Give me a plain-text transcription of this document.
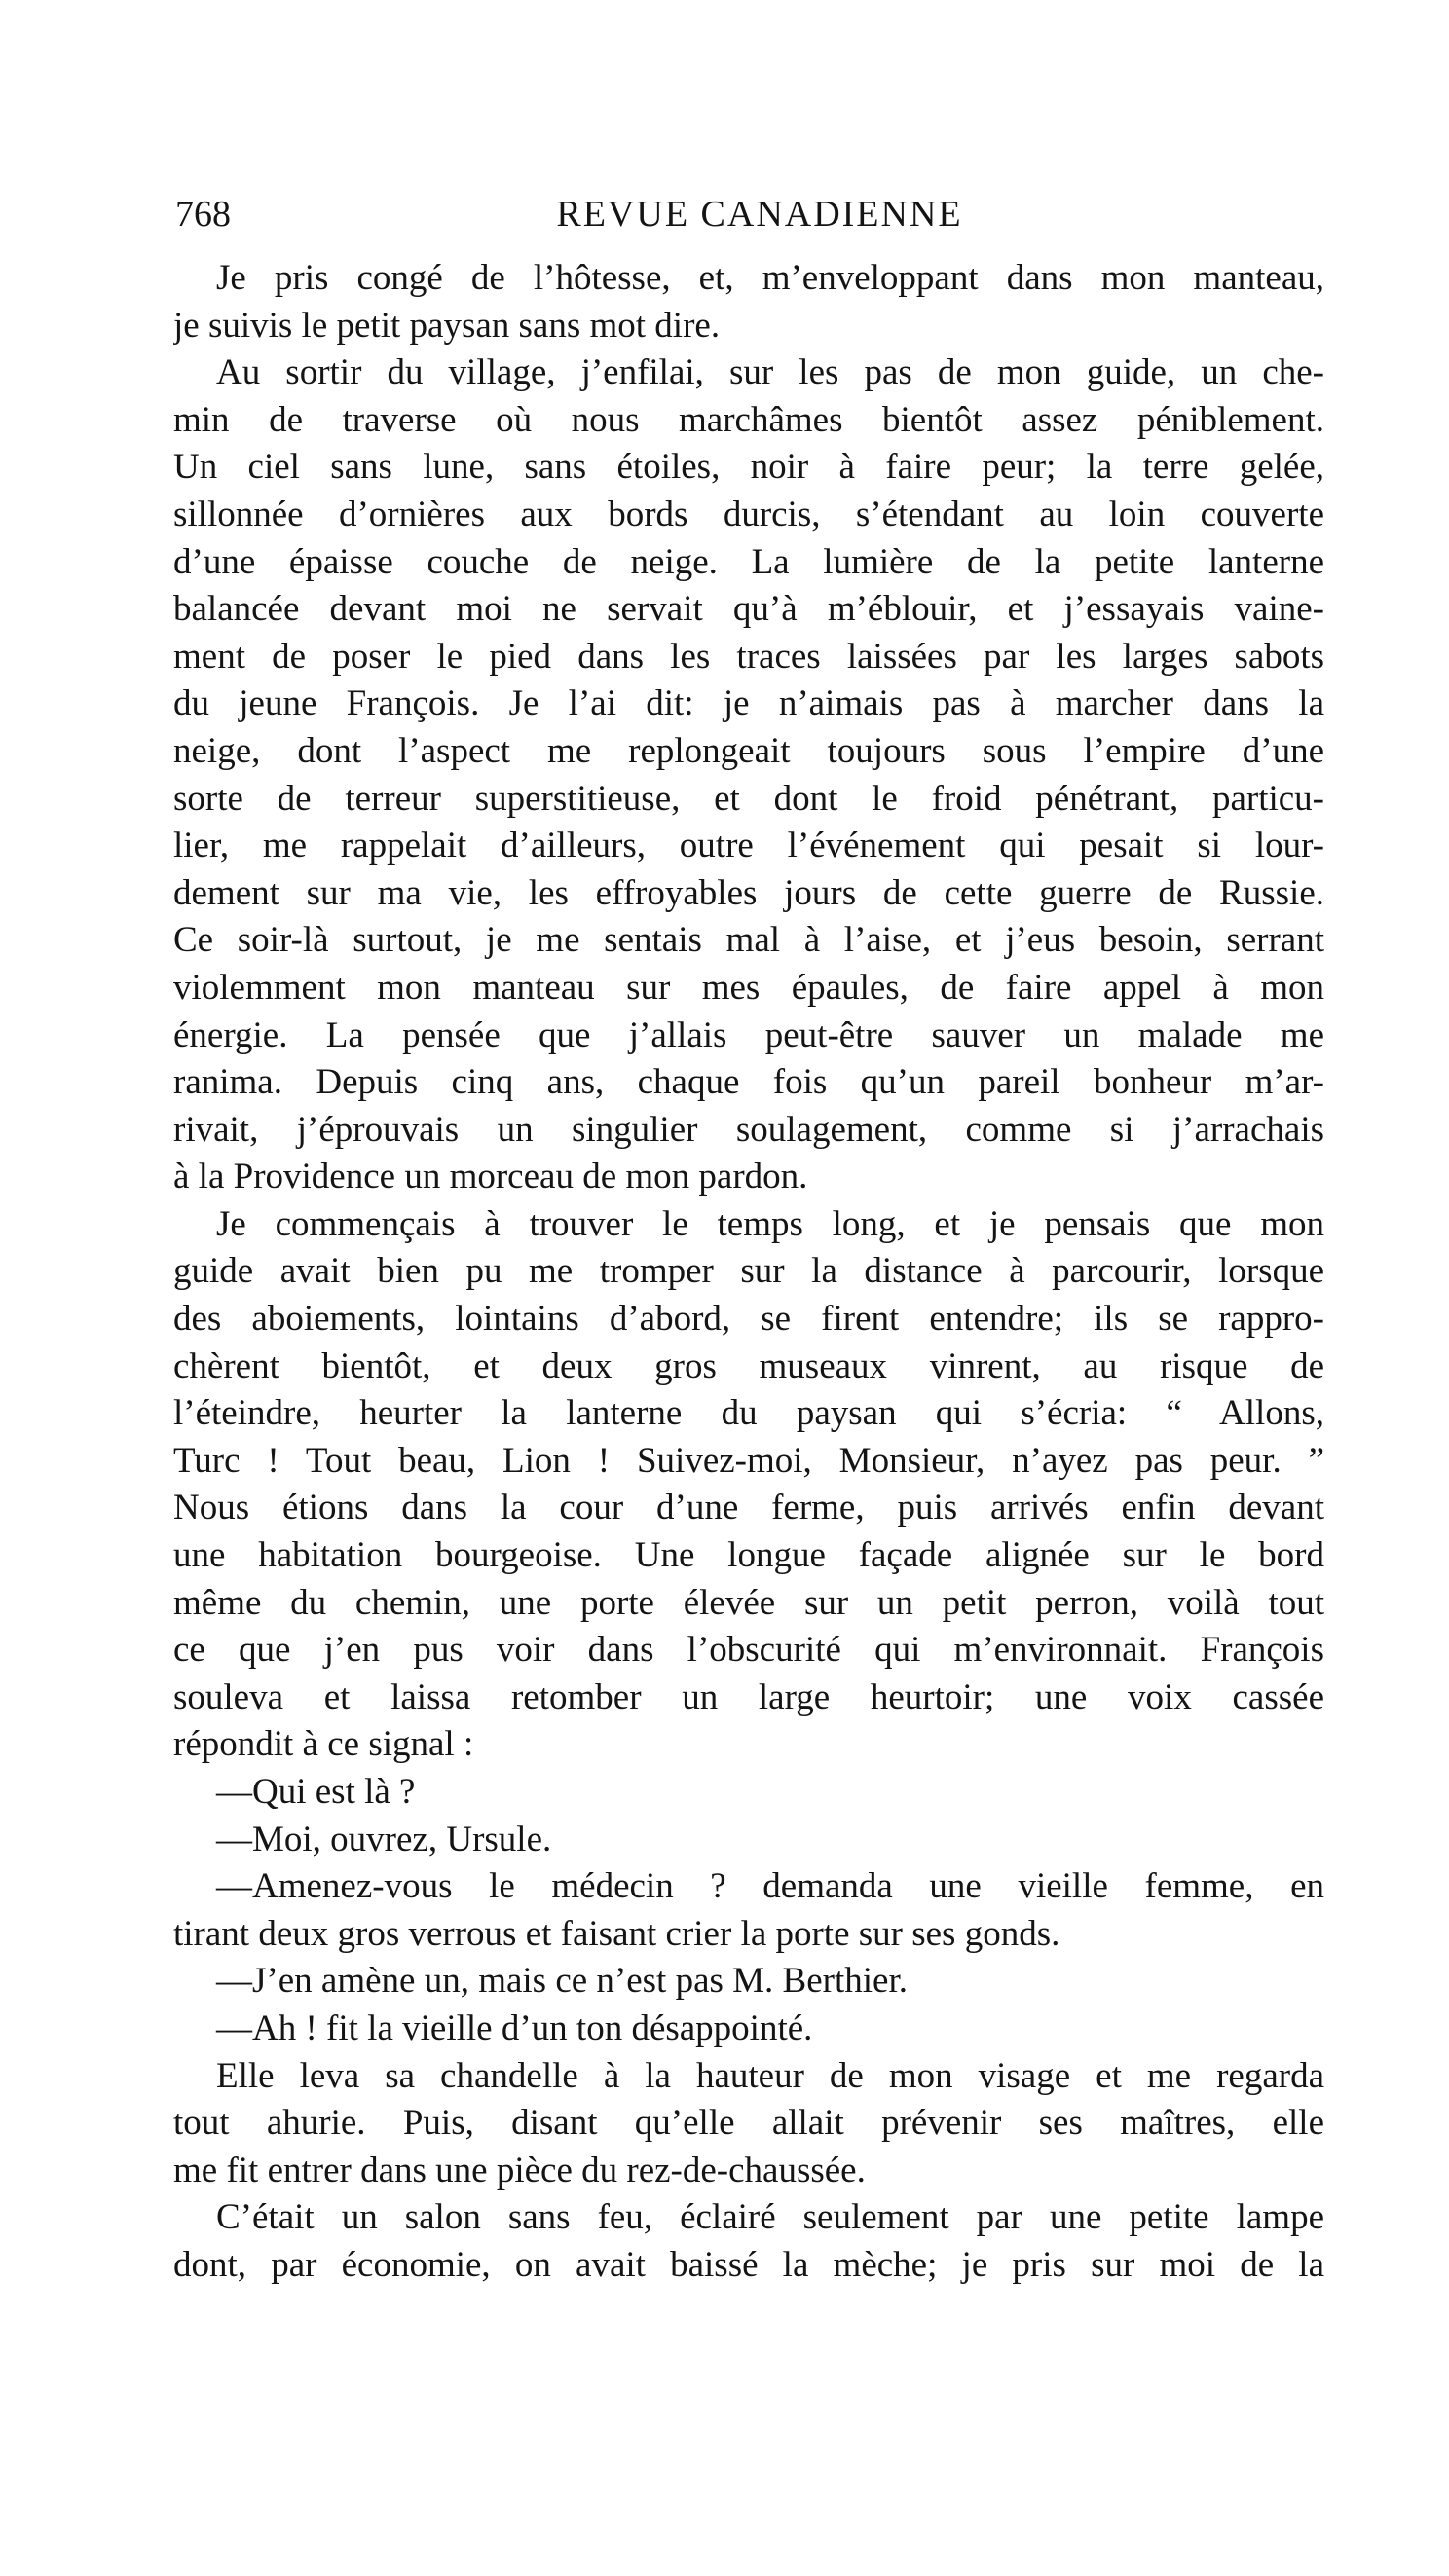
768	REVUE CANADIENNE
Je pris congé de l’hôtesse, et, m’enveloppant dans mon manteau,
je suivis le petit paysan sans mot dire.
Au sortir du village, j’enfilai, sur les pas de mon guide, un che-
min de traverse où nous marchâmes bientôt assez péniblement.
Un ciel sans lune, sans étoiles, noir à faire peur; la terre gelée,
sillonnée d’ornières aux bords durcis, s’étendant au loin couverte
d’une épaisse couche de neige. La lumière de la petite lanterne
balancée devant moi ne servait qu’à m’éblouir, et j’essayais vaine-
ment de poser le pied dans les traces laissées par les larges sabots
du jeune François. Je l’ai dit: je n’aimais pas à marcher dans la
neige, dont l’aspect me replongeait toujours sous l’empire d’une
sorte de terreur superstitieuse, et dont le froid pénétrant, particu-
lier, me rappelait d’ailleurs, outre l’événement qui pesait si lour-
dement sur ma vie, les effroyables jours de cette guerre de Russie.
Ce soir-là surtout, je me sentais mal à l’aise, et j’eus besoin, serrant
violemment mon manteau sur mes épaules, de faire appel à mon
énergie. La pensée que j’allais peut-être sauver un malade me
ranima. Depuis cinq ans, chaque fois qu’un pareil bonheur m’ar-
rivait, j’éprouvais un singulier soulagement, comme si j’arrachais
à la Providence un morceau de mon pardon.
Je commençais à trouver le temps long, et je pensais que mon
guide avait bien pu me tromper sur la distance à parcourir, lorsque
des aboiements, lointains d’abord, se firent entendre; ils se rappro-
chèrent bientôt, et deux gros museaux vinrent, au risque de
l’éteindre, heurter la lanterne du paysan qui s’écria: “ Allons,
Turc ! Tout beau, Lion ! Suivez-moi, Monsieur, n’ayez pas peur. ”
Nous étions dans la cour d’une ferme, puis arrivés enfin devant
une habitation bourgeoise. Une longue façade alignée sur le bord
même du chemin, une porte élevée sur un petit perron, voilà tout
ce que j’en pus voir dans l’obscurité qui m’environnait. François
souleva et laissa retomber un large heurtoir; une voix cassée
répondit à ce signal :
—Qui est là ?
—Moi, ouvrez, Ursule.
—Amenez-vous le médecin ? demanda une vieille femme, en
tirant deux gros verrous et faisant crier la porte sur ses gonds.
—J’en amène un, mais ce n’est pas M. Berthier.
—Ah ! fit la vieille d’un ton désappointé.
Elle leva sa chandelle à la hauteur de mon visage et me regarda
tout ahurie. Puis, disant qu’elle allait prévenir ses maîtres, elle
me fit entrer dans une pièce du rez-de-chaussée.
C’était un salon sans feu, éclairé seulement par une petite lampe
dont, par économie, on avait baissé la mèche; je pris sur moi de la
